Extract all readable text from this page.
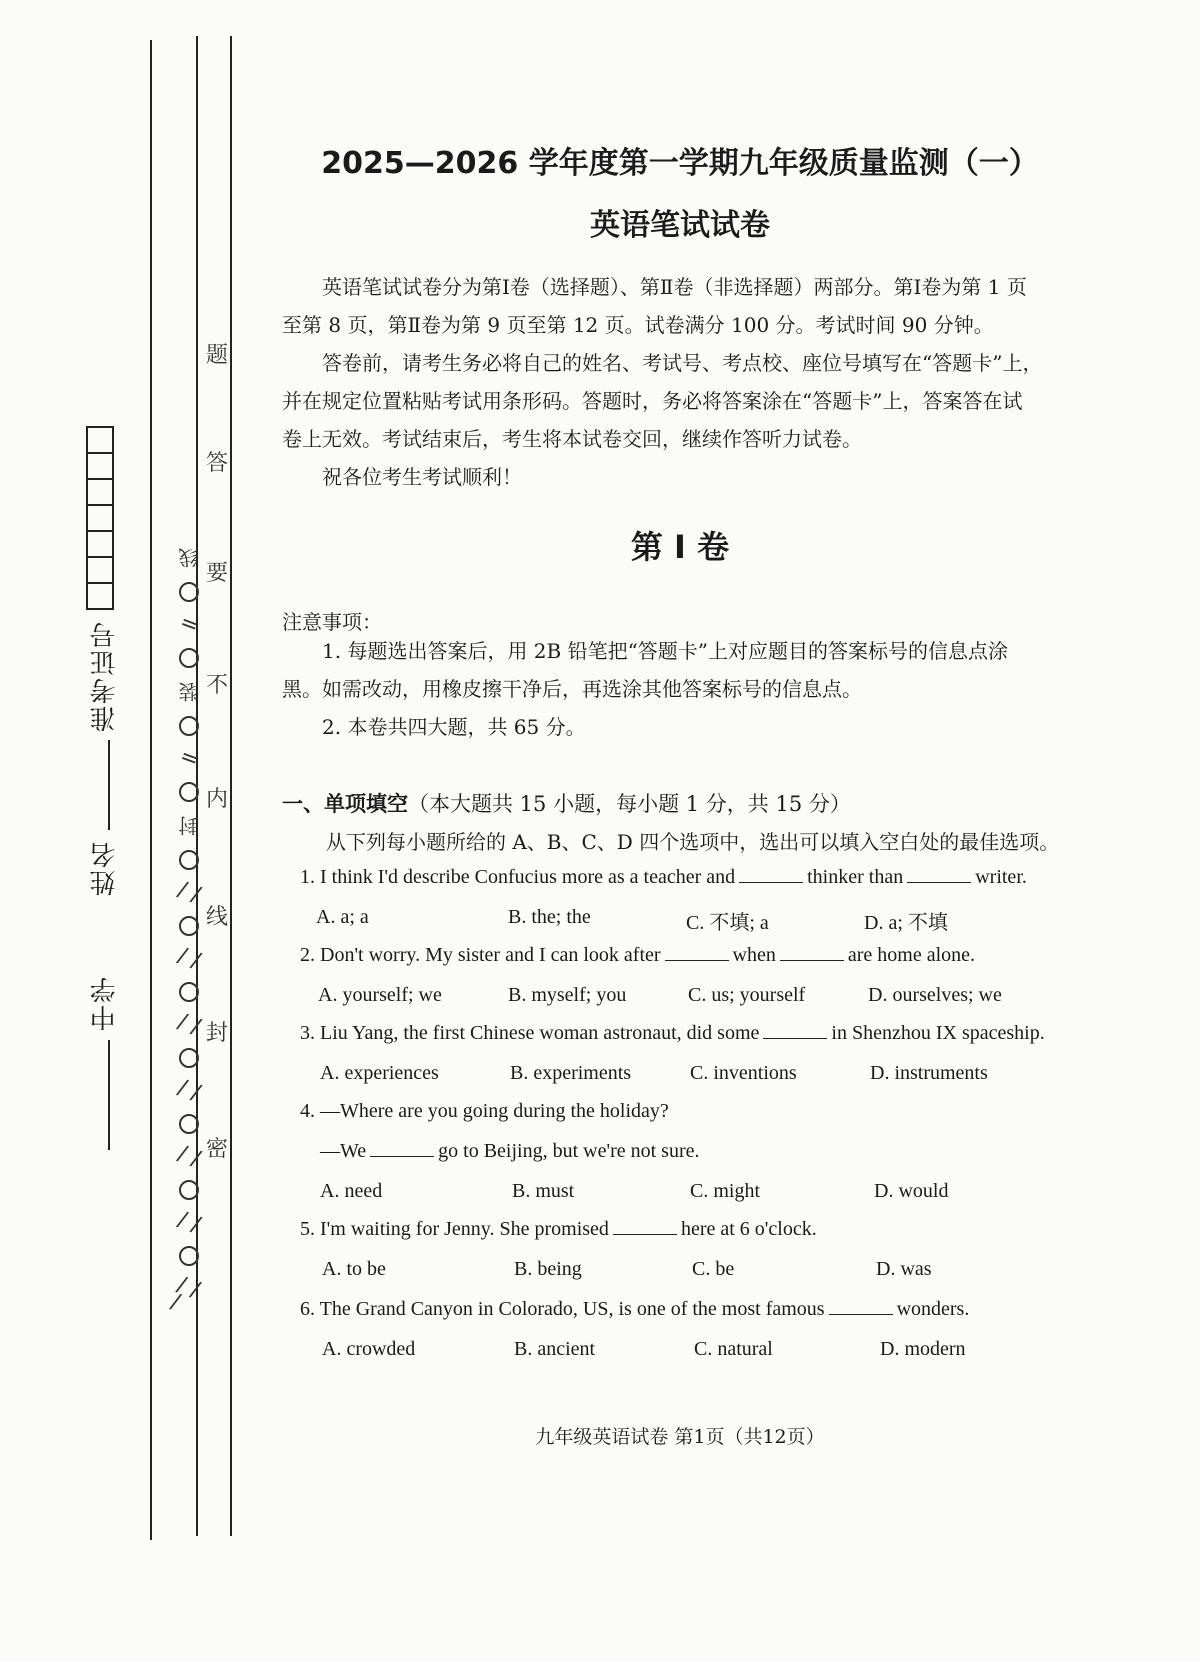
中学
姓名
准考证号
线
=
装
=
封
/ /
/ /
/ /
/ /
/ /
/ /
/ / /
题
答
要
不
内
线
封
密
2025—2026 学年度第一学期九年级质量监测（一）
英语笔试试卷
英语笔试试卷分为第Ⅰ卷（选择题）、第Ⅱ卷（非选择题）两部分。第Ⅰ卷为第 1 页
至第 8 页，第Ⅱ卷为第 9 页至第 12 页。试卷满分 100 分。考试时间 90 分钟。
答卷前，请考生务必将自己的姓名、考试号、考点校、座位号填写在“答题卡”上，
并在规定位置粘贴考试用条形码。答题时，务必将答案涂在“答题卡”上，答案答在试
卷上无效。考试结束后，考生将本试卷交回，继续作答听力试卷。
祝各位考生考试顺利！
第 I 卷
注意事项：
1. 每题选出答案后，用 2B 铅笔把“答题卡”上对应题目的答案标号的信息点涂
黑。如需改动，用橡皮擦干净后，再选涂其他答案标号的信息点。
2. 本卷共四大题，共 65 分。
一、单项填空（本大题共 15 小题，每小题 1 分，共 15 分）
从下列每小题所给的 A、B、C、D 四个选项中，选出可以填入空白处的最佳选项。
1. I think I'd describe Confucius more as a teacher and	thinker than	writer.
A. a; a	B. the; the	C. 不填; a	D. a; 不填
2. Don't worry. My sister and I can look after	when	are home alone.
A. yourself; we	B. myself; you	C. us; yourself	D. ourselves; we
3. Liu Yang, the first Chinese woman astronaut, did some	in Shenzhou IX spaceship.
A. experiences	B. experiments	C. inventions	D. instruments
4. —Where are you going during the holiday?
—We	go to Beijing, but we're not sure.
A. need	B. must	C. might	D. would
5. I'm waiting for Jenny. She promised	here at 6 o'clock.
A. to be	B. being	C. be	D. was
6. The Grand Canyon in Colorado, US, is one of the most famous	wonders.
A. crowded	B. ancient	C. natural	D. modern
九年级英语试卷 第1页（共12页）
